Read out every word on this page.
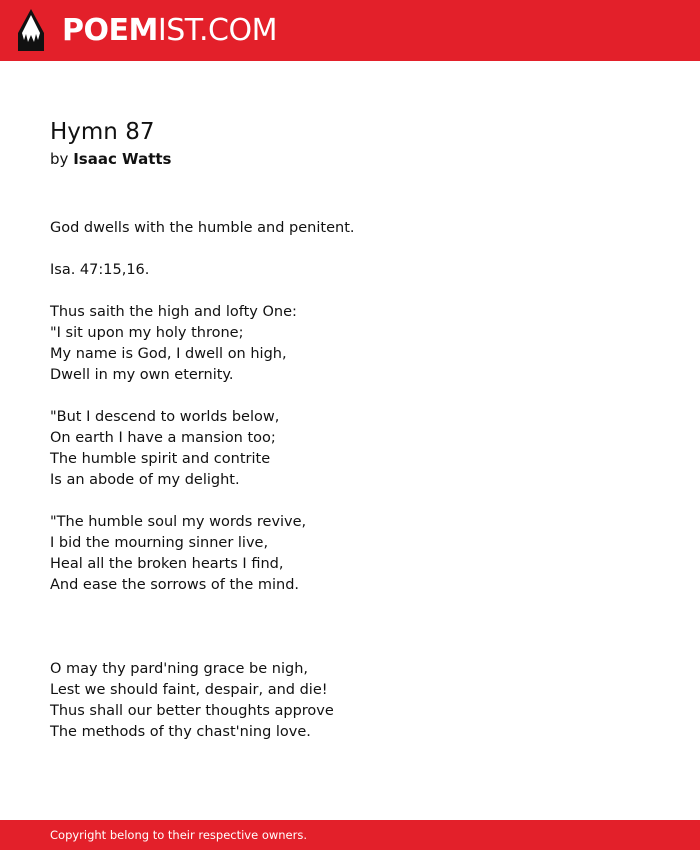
POEMIST.COM
Hymn 87
by Isaac Watts
God dwells with the humble and penitent.
Isa. 47:15,16.
Thus saith the high and lofty One:
"I sit upon my holy throne;
My name is God, I dwell on high,
Dwell in my own eternity.
"But I descend to worlds below,
On earth I have a mansion too;
The humble spirit and contrite
Is an abode of my delight.
"The humble soul my words revive,
I bid the mourning sinner live,
Heal all the broken hearts I find,
And ease the sorrows of the mind.
O may thy pard'ning grace be nigh,
Lest we should faint, despair, and die!
Thus shall our better thoughts approve
The methods of thy chast'ning love.
Copyright belong to their respective owners.
